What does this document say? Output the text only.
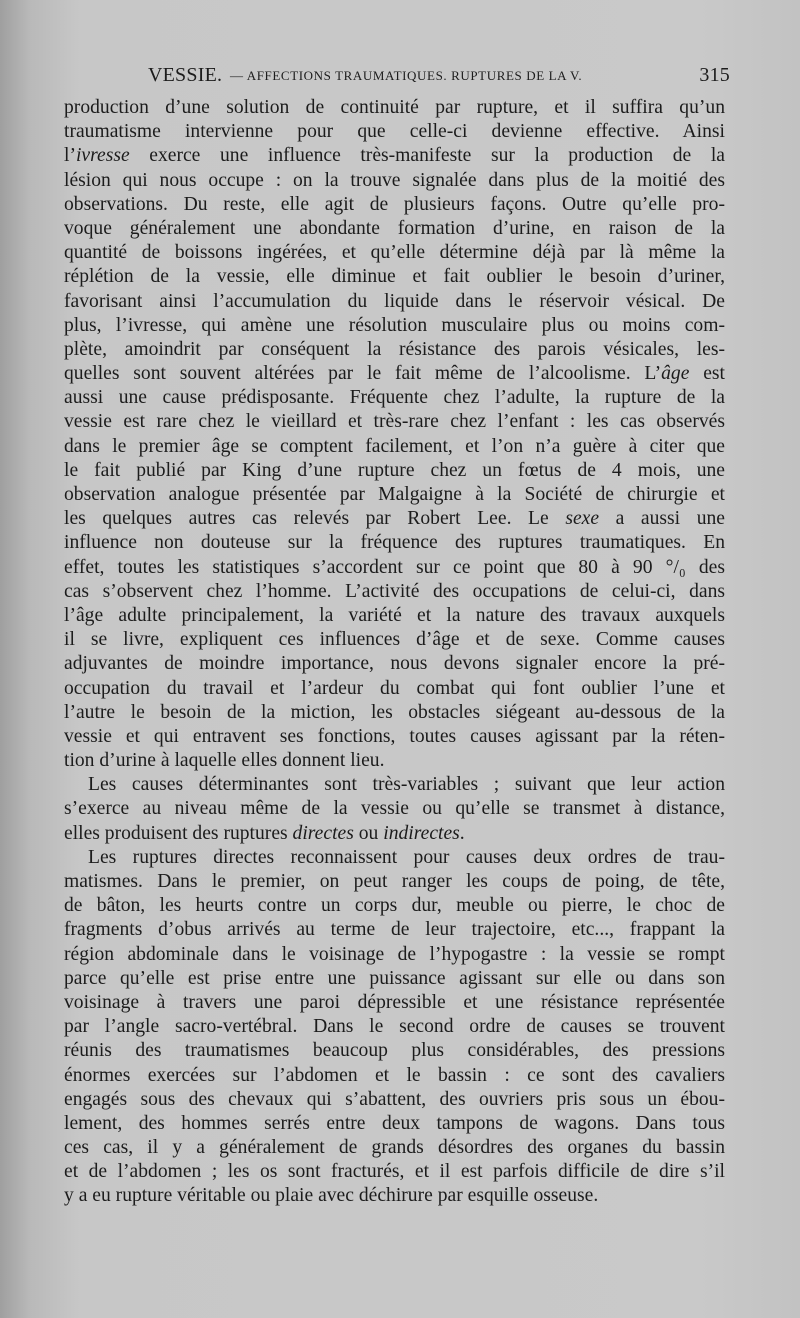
VESSIE. — AFFECTIONS TRAUMATIQUES. RUPTURES DE LA V.	315
production d’une solution de continuité par rupture, et il suffira qu’un
traumatisme intervienne pour que celle-ci devienne effective. Ainsi
l’ivresse exerce une influence très-manifeste sur la production de la
lésion qui nous occupe : on la trouve signalée dans plus de la moitié des
observations. Du reste, elle agit de plusieurs façons. Outre qu’elle pro-
voque généralement une abondante formation d’urine, en raison de la
quantité de boissons ingérées, et qu’elle détermine déjà par là même la
réplétion de la vessie, elle diminue et fait oublier le besoin d’uriner,
favorisant ainsi l’accumulation du liquide dans le réservoir vésical. De
plus, l’ivresse, qui amène une résolution musculaire plus ou moins com-
plète, amoindrit par conséquent la résistance des parois vésicales, les-
quelles sont souvent altérées par le fait même de l’alcoolisme. L’âge est
aussi une cause prédisposante. Fréquente chez l’adulte, la rupture de la
vessie est rare chez le vieillard et très-rare chez l’enfant : les cas observés
dans le premier âge se comptent facilement, et l’on n’a guère à citer que
le fait publié par King d’une rupture chez un fœtus de 4 mois, une
observation analogue présentée par Malgaigne à la Société de chirurgie et
les quelques autres cas relevés par Robert Lee. Le sexe a aussi une
influence non douteuse sur la fréquence des ruptures traumatiques. En
effet, toutes les statistiques s’accordent sur ce point que 80 à 90 °/₀ des
cas s’observent chez l’homme. L’activité des occupations de celui-ci, dans
l’âge adulte principalement, la variété et la nature des travaux auxquels
il se livre, expliquent ces influences d’âge et de sexe. Comme causes
adjuvantes de moindre importance, nous devons signaler encore la pré-
occupation du travail et l’ardeur du combat qui font oublier l’une et
l’autre le besoin de la miction, les obstacles siégeant au-dessous de la
vessie et qui entravent ses fonctions, toutes causes agissant par la réten-
tion d’urine à laquelle elles donnent lieu.
Les causes déterminantes sont très-variables ; suivant que leur action
s’exerce au niveau même de la vessie ou qu’elle se transmet à distance,
elles produisent des ruptures directes ou indirectes.
Les ruptures directes reconnaissent pour causes deux ordres de trau-
matismes. Dans le premier, on peut ranger les coups de poing, de tête,
de bâton, les heurts contre un corps dur, meuble ou pierre, le choc de
fragments d’obus arrivés au terme de leur trajectoire, etc..., frappant la
région abdominale dans le voisinage de l’hypogastre : la vessie se rompt
parce qu’elle est prise entre une puissance agissant sur elle ou dans son
voisinage à travers une paroi dépressible et une résistance représentée
par l’angle sacro-vertébral. Dans le second ordre de causes se trouvent
réunis des traumatismes beaucoup plus considérables, des pressions
énormes exercées sur l’abdomen et le bassin : ce sont des cavaliers
engagés sous des chevaux qui s’abattent, des ouvriers pris sous un ébou-
lement, des hommes serrés entre deux tampons de wagons. Dans tous
ces cas, il y a généralement de grands désordres des organes du bassin
et de l’abdomen ; les os sont fracturés, et il est parfois difficile de dire s’il
y a eu rupture véritable ou plaie avec déchirure par esquille osseuse.
